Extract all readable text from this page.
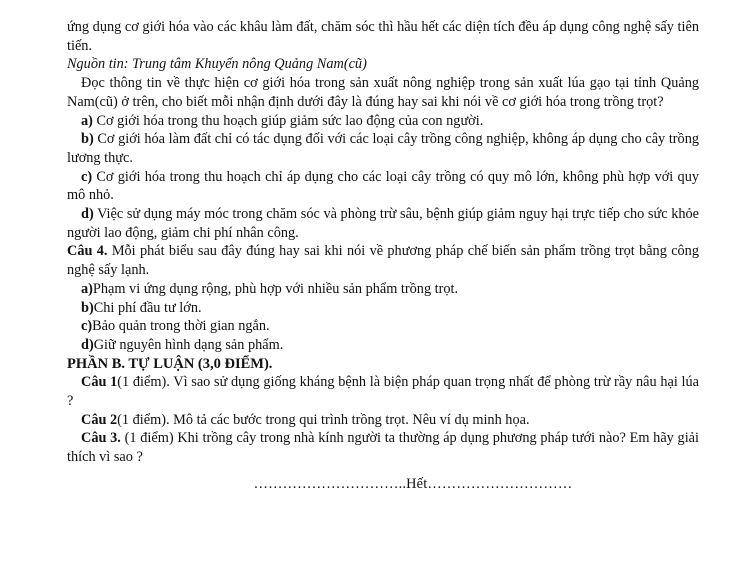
ứng dụng cơ giới hóa vào các khâu làm đất, chăm sóc thì hầu hết các diện tích đều áp dụng công nghệ sấy tiên tiến.

Nguồn tin: Trung tâm Khuyến nông Quảng Nam(cũ)

Đọc thông tin về thực hiện cơ giới hóa trong sản xuất nông nghiệp trong sản xuất lúa gạo tại tỉnh Quảng Nam(cũ) ở trên, cho biết mỗi nhận định dưới đây là đúng hay sai khi nói về cơ giới hóa trong trồng trọt?

a) Cơ giới hóa trong thu hoạch giúp giảm sức lao động của con người.

b) Cơ giới hóa làm đất chỉ có tác dụng đối với các loại cây trồng công nghiệp, không áp dụng cho cây trồng lương thực.

c) Cơ giới hóa trong thu hoạch chỉ áp dụng cho các loại cây trồng có quy mô lớn, không phù hợp với quy mô nhỏ.

d) Việc sử dụng máy móc trong chăm sóc và phòng trừ sâu, bệnh giúp giảm nguy hại trực tiếp cho sức khỏe người lao động, giảm chi phí nhân công.

Câu 4. Mỗi phát biểu sau đây đúng hay sai khi nói về phương pháp chế biến sản phẩm trồng trọt bằng công nghệ sấy lạnh.

a)Phạm vi ứng dụng rộng, phù hợp với nhiều sản phẩm trồng trọt.

b)Chi phí đầu tư lớn.

c)Bảo quản trong thời gian ngắn.

d)Giữ nguyên hình dạng sản phẩm.

PHẦN B. TỰ LUẬN (3,0 ĐIỂM).

Câu 1(1 điểm). Vì sao sử dụng giống kháng bệnh là biện pháp quan trọng nhất để phòng trừ rầy nâu hại lúa ?

Câu 2(1 điểm). Mô tả các bước trong qui trình trồng trọt. Nêu ví dụ minh họa.

Câu 3. (1 điểm) Khi trồng cây trong nhà kính người ta thường áp dụng phương pháp tưới nào? Em hãy giải thích vì sao ?

…………………………..Hết…………………………
